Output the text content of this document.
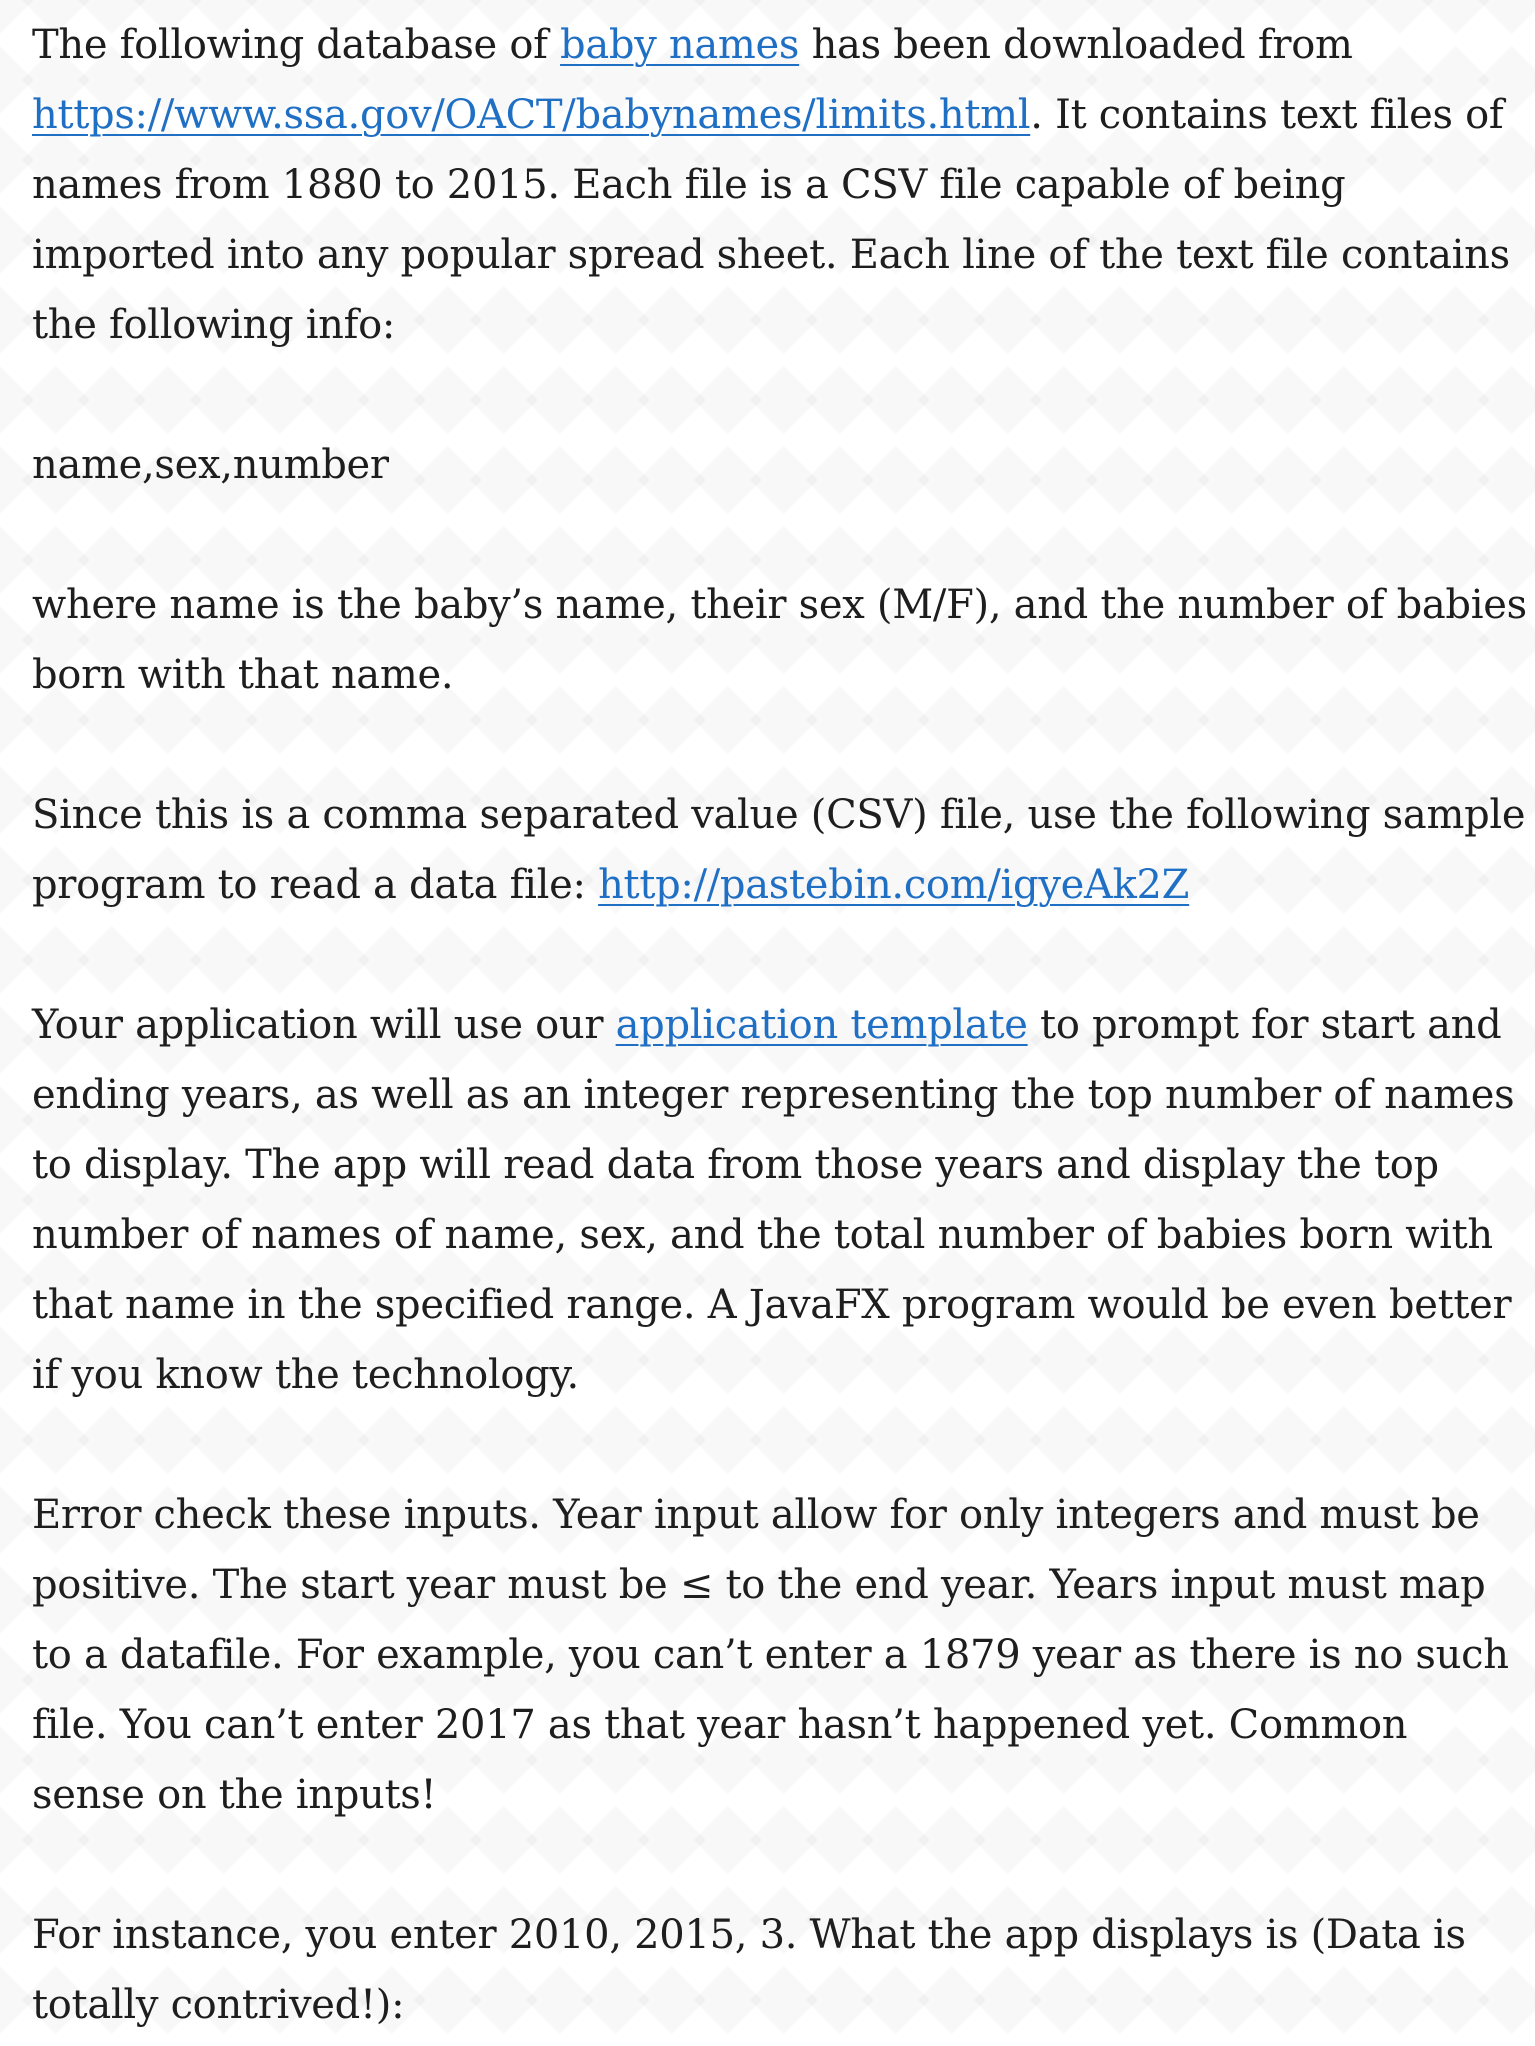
The following database of baby names has been downloaded from
https://www.ssa.gov/OACT/babynames/limits.html. It contains text files of names from 1880 to 2015. Each file is a CSV file capable of being imported into any popular spread sheet. Each line of the text file contains the following info:

name,sex,number

where name is the baby’s name, their sex (M/F), and the number of babies born with that name.

Since this is a comma separated value (CSV) file, use the following sample program to read a data file: http://pastebin.com/igyeAk2Z

Your application will use our application template to prompt for start and ending years, as well as an integer representing the top number of names to display. The app will read data from those years and display the top number of names of name, sex, and the total number of babies born with that name in the specified range. A JavaFX program would be even better if you know the technology.

Error check these inputs. Year input allow for only integers and must be positive. The start year must be ≤ to the end year. Years input must map to a datafile. For example, you can’t enter a 1879 year as there is no such file. You can’t enter 2017 as that year hasn’t happened yet. Common sense on the inputs!

For instance, you enter 2010, 2015, 3. What the app displays is (Data is totally contrived!):
